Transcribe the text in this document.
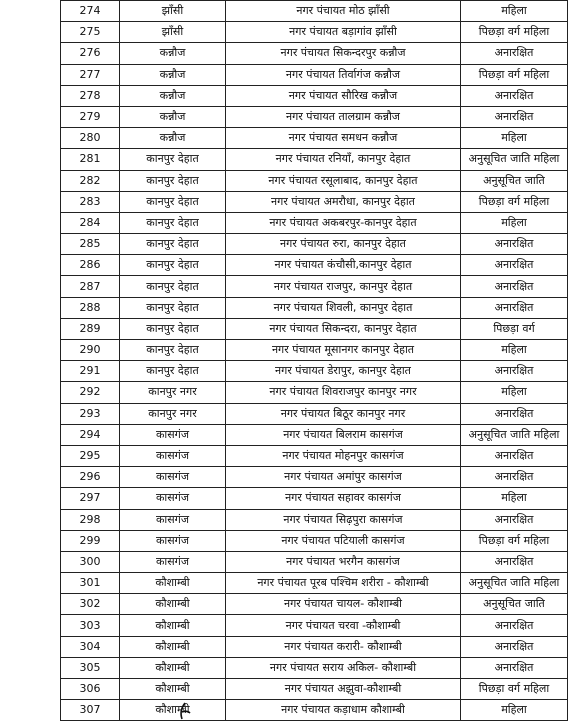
274	झाँसी	नगर पंचायत मोठ झाँसी	महिला
275	झाँसी	नगर पंचायत बड़ागांव झाँसी	पिछड़ा वर्ग महिला
276	कन्नौज	नगर पंचायत सिकन्दरपुर कन्नौज	अनारक्षित
277	कन्नौज	नगर पंचायत तिर्वागंज कन्नौज	पिछड़ा वर्ग महिला
278	कन्नौज	नगर पंचायत सौरिख कन्नौज	अनारक्षित
279	कन्नौज	नगर पंचायत तालग्राम कन्नौज	अनारक्षित
280	कन्नौज	नगर पंचायत समधन कन्नौज	महिला
281	कानपुर देहात	नगर पंचायत रनियाँ, कानपुर देहात	अनुसूचित जाति महिला
282	कानपुर देहात	नगर पंचायत रसूलाबाद, कानपुर देहात	अनुसूचित जाति
283	कानपुर देहात	नगर पंचायत अमरौधा, कानपुर देहात	पिछड़ा वर्ग महिला
284	कानपुर देहात	नगर पंचायत अकबरपुर-कानपुर देहात	महिला
285	कानपुर देहात	नगर पंचायत रुरा, कानपुर देहात	अनारक्षित
286	कानपुर देहात	नगर पंचायत कंचौसी,कानपुर देहात	अनारक्षित
287	कानपुर देहात	नगर पंचायत राजपुर, कानपुर देहात	अनारक्षित
288	कानपुर देहात	नगर पंचायत शिवली, कानपुर देहात	अनारक्षित
289	कानपुर देहात	नगर पंचायत सिकन्दरा, कानपुर देहात	पिछड़ा वर्ग
290	कानपुर देहात	नगर पंचायत मूसानगर कानपुर देहात	महिला
291	कानपुर देहात	नगर पंचायत डेरापुर, कानपुर देहात	अनारक्षित
292	कानपुर नगर	नगर पंचायत शिवराजपुर कानपुर नगर	महिला
293	कानपुर नगर	नगर पंचायत बिठूर कानपुर नगर	अनारक्षित
294	कासगंज	नगर पंचायत बिलराम कासगंज	अनुसूचित जाति महिला
295	कासगंज	नगर पंचायत मोहनपुर कासगंज	अनारक्षित
296	कासगंज	नगर पंचायत अमांपुर कासगंज	अनारक्षित
297	कासगंज	नगर पंचायत सहावर कासगंज	महिला
298	कासगंज	नगर पंचायत सिढ़पुरा कासगंज	अनारक्षित
299	कासगंज	नगर पंचायत पटियाली कासगंज	पिछड़ा वर्ग महिला
300	कासगंज	नगर पंचायत भरगैन कासगंज	अनारक्षित
301	कौशाम्बी	नगर पंचायत पूरब पश्चिम शरीरा - कौशाम्बी	अनुसूचित जाति महिला
302	कौशाम्बी	नगर पंचायत चायल- कौशाम्बी	अनुसूचित जाति
303	कौशाम्बी	नगर पंचायत चरवा -कौशाम्बी	अनारक्षित
304	कौशाम्बी	नगर पंचायत करारी- कौशाम्बी	अनारक्षित
305	कौशाम्बी	नगर पंचायत सराय अकिल- कौशाम्बी	अनारक्षित
306	कौशाम्बी	नगर पंचायत अझुवा-कौशाम्बी	पिछड़ा वर्ग महिला
307	कौशाम्बी	नगर पंचायत कड़ाधाम कौशाम्बी	महिला
